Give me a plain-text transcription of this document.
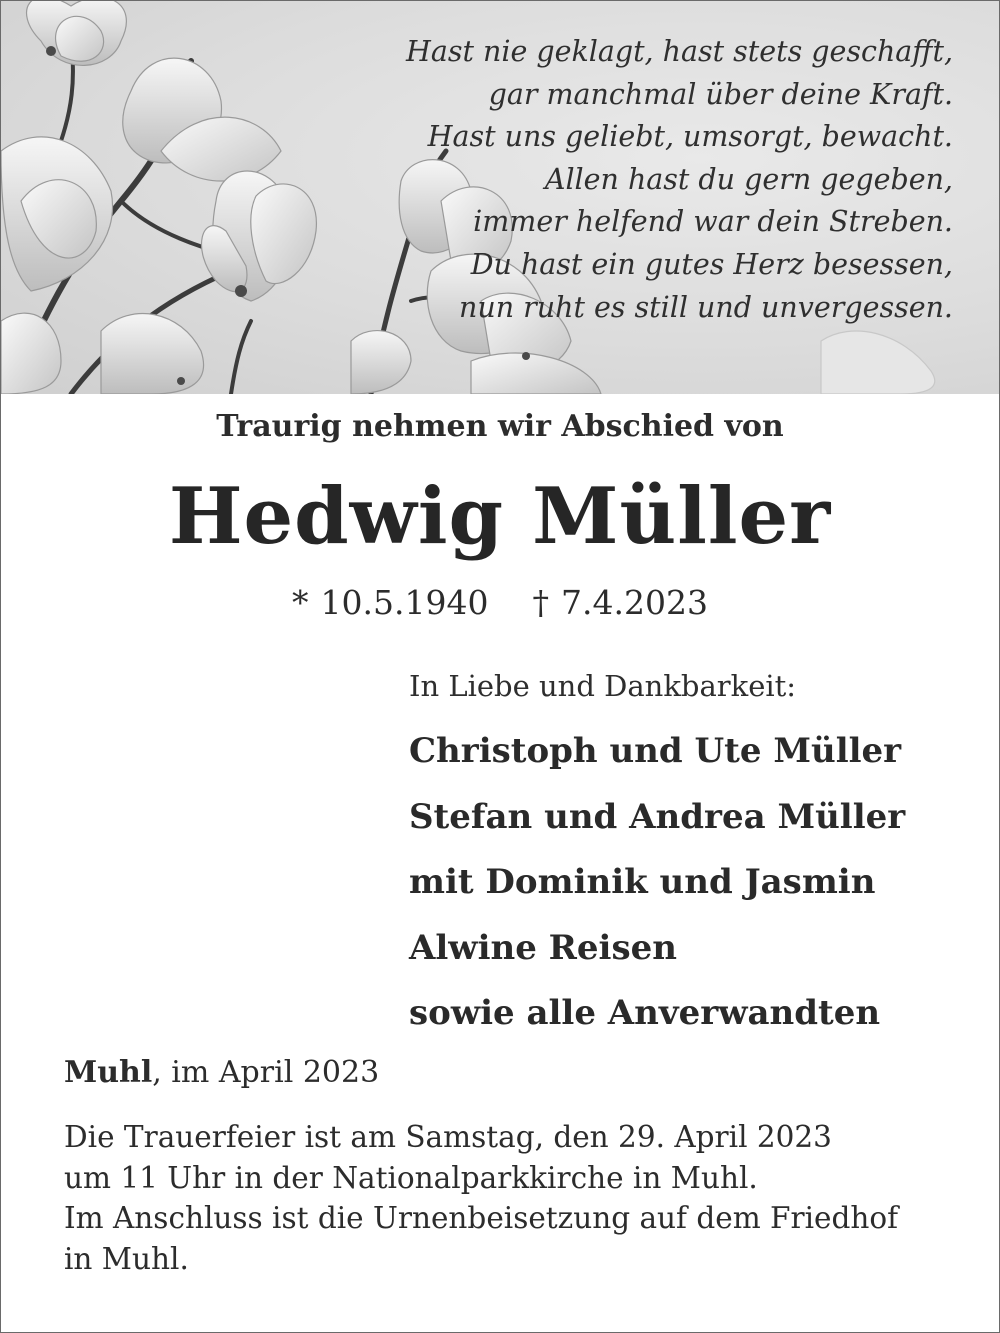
Hast nie geklagt, hast stets geschafft,
gar manchmal über deine Kraft.
Hast uns geliebt, umsorgt, bewacht.
Allen hast du gern gegeben,
immer helfend war dein Streben.
Du hast ein gutes Herz besessen,
nun ruht es still und unvergessen.
Traurig nehmen wir Abschied von
Hedwig Müller
* 10.5.1940 † 7.4.2023
In Liebe und Dankbarkeit:
Christoph und Ute Müller
Stefan und Andrea Müller
mit Dominik und Jasmin
Alwine Reisen
sowie alle Anverwandten
Muhl, im April 2023
Die Trauerfeier ist am Samstag, den 29. April 2023
um 11 Uhr in der Nationalparkkirche in Muhl.
Im Anschluss ist die Urnenbeisetzung auf dem Friedhof
in Muhl.
